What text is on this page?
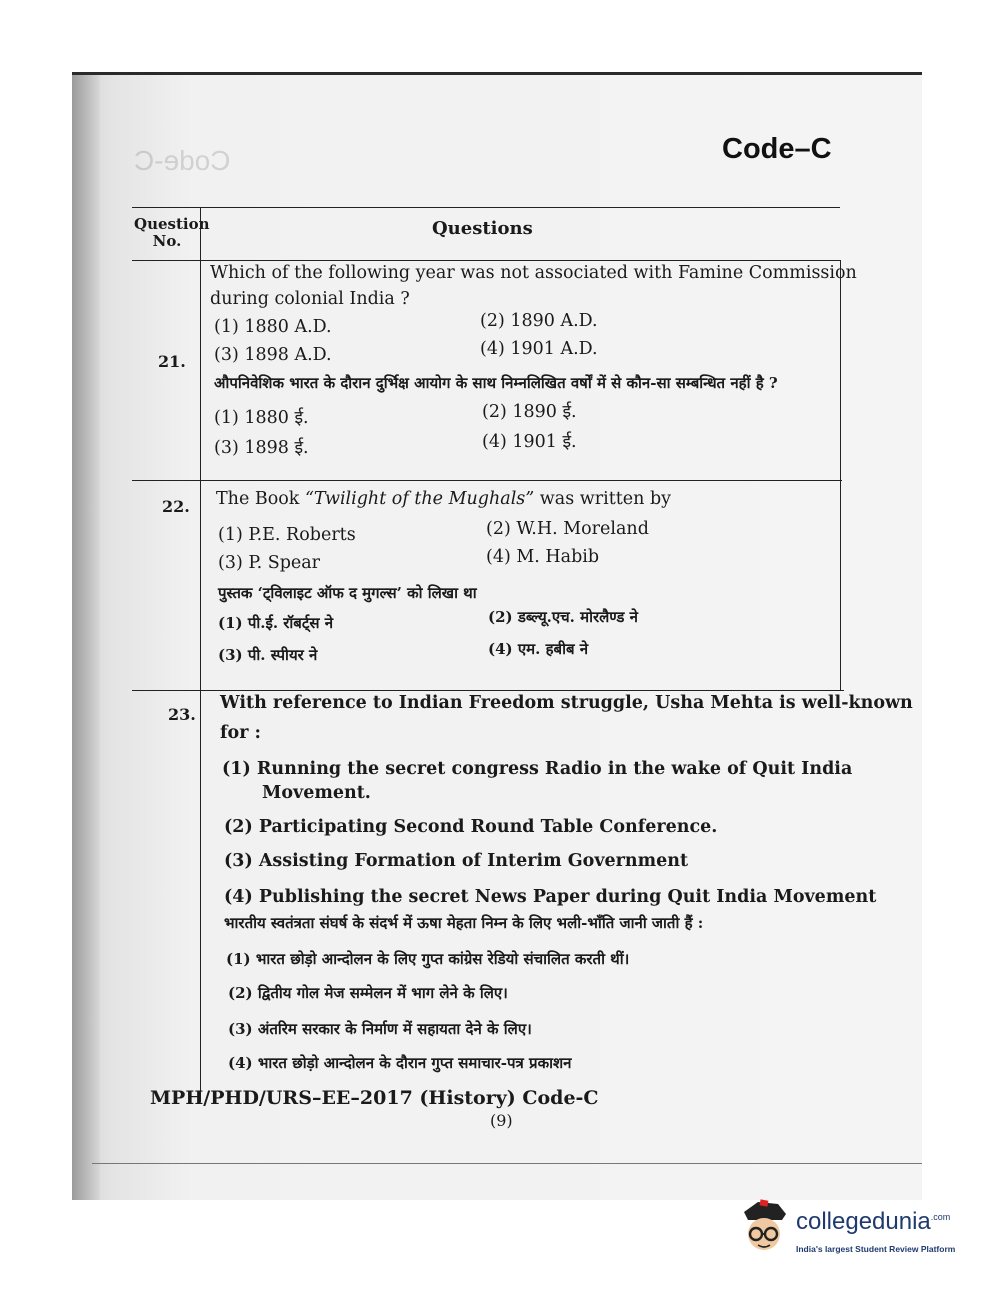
Code-C	Code–C
Question No.
Questions
21.
Which of the following year was not associated with Famine Commission
during colonial India ?
(1) 1880 A.D.	(2) 1890 A.D.
(3) 1898 A.D.	(4) 1901 A.D.
औपनिवेशिक भारत के दौरान दुर्भिक्ष आयोग के साथ निम्नलिखित वर्षों में से कौन-सा सम्बन्धित नहीं है ?
(1) 1880 ई.	(2) 1890 ई.
(3) 1898 ई.	(4) 1901 ई.
22. The Book “Twilight of the Mughals” was written by
(1) P.E. Roberts	(2) W.H. Moreland
(3) P. Spear	(4) M. Habib
पुस्तक ‘ट्विलाइट ऑफ द मुगल्स’ को लिखा था
(1) पी.ई. रॉबर्ट्स ने	(2) डब्ल्यू.एच. मोरलैण्ड ने
(3) पी. स्पीयर ने	(4) एम. हबीब ने
23.
With reference to Indian Freedom struggle, Usha Mehta is well-known
for :
(1) Running the secret congress Radio in the wake of Quit India
Movement.
(2) Participating Second Round Table Conference.
(3) Assisting Formation of Interim Government
(4) Publishing the secret News Paper during Quit India Movement
भारतीय स्वतंत्रता संघर्ष के संदर्भ में ऊषा मेहता निम्न के लिए भली-भाँति जानी जाती हैं :
(1) भारत छोड़ो आन्दोलन के लिए गुप्त कांग्रेस रेडियो संचालित करती थीं।
(2) द्वितीय गोल मेज सम्मेलन में भाग लेने के लिए।
(3) अंतरिम सरकार के निर्माण में सहायता देने के लिए।
(4) भारत छोड़ो आन्दोलन के दौरान गुप्त समाचार-पत्र प्रकाशन
MPH/PHD/URS–EE–2017 (History) Code-C
(9)
collegedunia$^{.com}$
India's largest Student Review Platform
